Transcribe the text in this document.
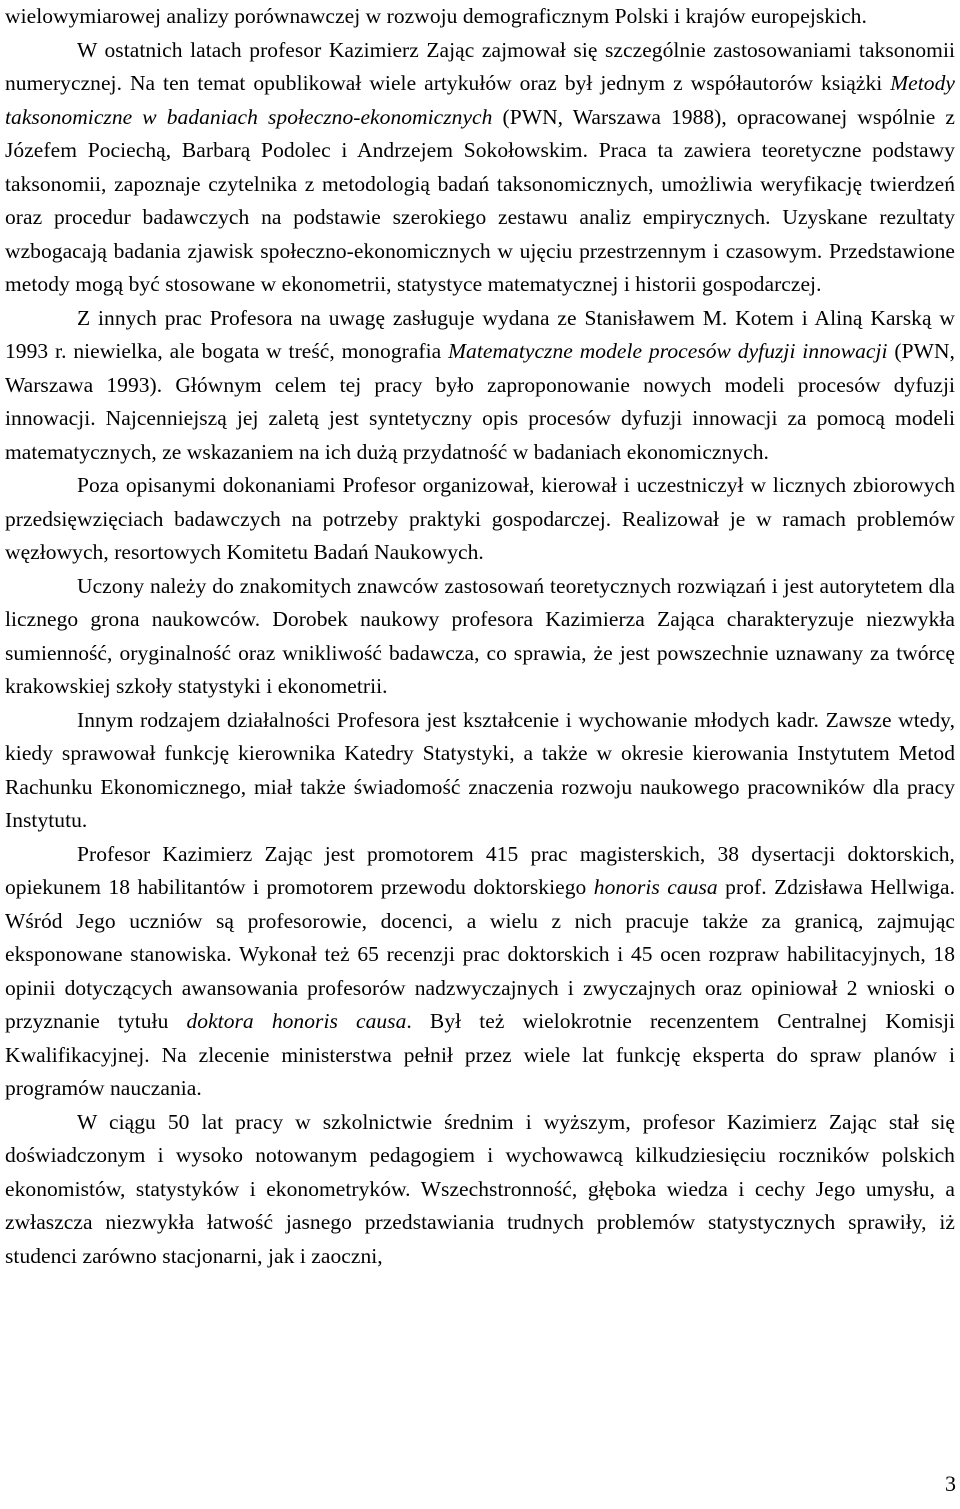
wielowymiarowej analizy porównawczej w rozwoju demograficznym Polski i krajów europejskich.

W ostatnich latach profesor Kazimierz Zając zajmował się szczególnie zastosowaniami taksonomii numerycznej. Na ten temat opublikował wiele artykułów oraz był jednym z współautorów książki Metody taksonomiczne w badaniach społeczno-ekonomicznych (PWN, Warszawa 1988), opracowanej wspólnie z Józefem Pociechą, Barbarą Podolec i Andrzejem Sokołowskim. Praca ta zawiera teoretyczne podstawy taksonomii, zapoznaje czytelnika z metodologią badań taksonomicznych, umożliwia weryfikację twierdzeń oraz procedur badawczych na podstawie szerokiego zestawu analiz empirycznych. Uzyskane rezultaty wzbogacają badania zjawisk społeczno-ekonomicznych w ujęciu przestrzennym i czasowym. Przedstawione metody mogą być stosowane w ekonometrii, statystyce matematycznej i historii gospodarczej.

Z innych prac Profesora na uwagę zasługuje wydana ze Stanisławem M. Kotem i Aliną Karską w 1993 r. niewielka, ale bogata w treść, monografia Matematyczne modele procesów dyfuzji innowacji (PWN, Warszawa 1993). Głównym celem tej pracy było zaproponowanie nowych modeli procesów dyfuzji innowacji. Najcenniejszą jej zaletą jest syntetyczny opis procesów dyfuzji innowacji za pomocą modeli matematycznych, ze wskazaniem na ich dużą przydatność w badaniach ekonomicznych.

Poza opisanymi dokonaniami Profesor organizował, kierował i uczestniczył w licznych zbiorowych przedsięwzięciach badawczych na potrzeby praktyki gospodarczej. Realizował je w ramach problemów węzłowych, resortowych Komitetu Badań Naukowych.

Uczony należy do znakomitych znawców zastosowań teoretycznych rozwiązań i jest autorytetem dla licznego grona naukowców. Dorobek naukowy profesora Kazimierza Zająca charakteryzuje niezwykła sumienność, oryginalność oraz wnikliwość badawcza, co sprawia, że jest powszechnie uznawany za twórcę krakowskiej szkoły statystyki i ekonometrii.

Innym rodzajem działalności Profesora jest kształcenie i wychowanie młodych kadr. Zawsze wtedy, kiedy sprawował funkcję kierownika Katedry Statystyki, a także w okresie kierowania Instytutem Metod Rachunku Ekonomicznego, miał także świadomość znaczenia rozwoju naukowego pracowników dla pracy Instytutu.

Profesor Kazimierz Zając jest promotorem 415 prac magisterskich, 38 dysertacji doktorskich, opiekunem 18 habilitantów i promotorem przewodu doktorskiego honoris causa prof. Zdzisława Hellwiga. Wśród Jego uczniów są profesorowie, docenci, a wielu z nich pracuje także za granicą, zajmując eksponowane stanowiska. Wykonał też 65 recenzji prac doktorskich i 45 ocen rozpraw habilitacyjnych, 18 opinii dotyczących awansowania profesorów nadzwyczajnych i zwyczajnych oraz opiniował 2 wnioski o przyznanie tytułu doktora honoris causa. Był też wielokrotnie recenzentem Centralnej Komisji Kwalifikacyjnej. Na zlecenie ministerstwa pełnił przez wiele lat funkcję eksperta do spraw planów i programów nauczania.

W ciągu 50 lat pracy w szkolnictwie średnim i wyższym, profesor Kazimierz Zając stał się doświadczonym i wysoko notowanym pedagogiem i wychowawcą kilkudziesięciu roczników polskich ekonomistów, statystyków i ekonometryków. Wszechstronność, głęboka wiedza i cechy Jego umysłu, a zwłaszcza niezwykła łatwość jasnego przedstawiania trudnych problemów statystycznych sprawiły, iż studenci zarówno stacjonarni, jak i zaoczni,

3
